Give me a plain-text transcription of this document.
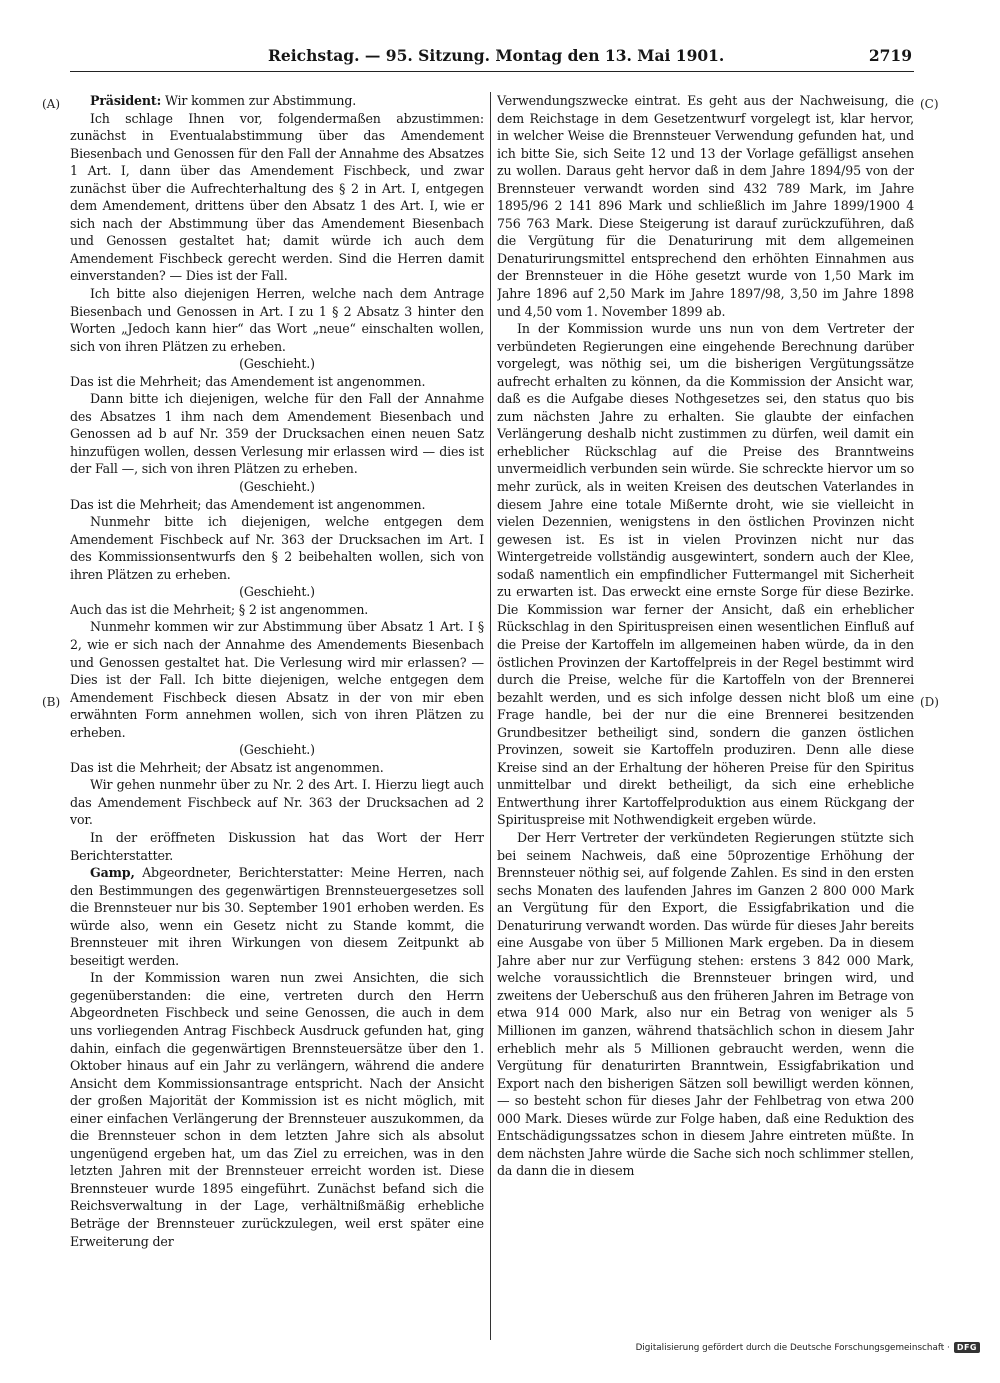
Reichstag. — 95. Sitzung. Montag den 13. Mai 1901.	2719
(A)
(B)
(C)
(D)

Präsident: Wir kommen zur Abstimmung.

Ich schlage Ihnen vor, folgendermaßen abzustimmen: zunächst in Eventualabstimmung über das Amendement Biesenbach und Genossen für den Fall der Annahme des Absatzes 1 Art. I, dann über das Amendement Fischbeck, und zwar zunächst über die Aufrechterhaltung des § 2 in Art. I, entgegen dem Amendement, drittens über den Absatz 1 des Art. I, wie er sich nach der Abstimmung über das Amendement Biesenbach und Genossen gestaltet hat; damit würde ich auch dem Amendement Fischbeck gerecht werden. Sind die Herren damit einverstanden? — Dies ist der Fall.

Ich bitte also diejenigen Herren, welche nach dem Antrage Biesenbach und Genossen in Art. I zu 1 § 2 Absatz 3 hinter den Worten „Jedoch kann hier“ das Wort „neue“ einschalten wollen, sich von ihren Plätzen zu erheben.

(Geschieht.)

Das ist die Mehrheit; das Amendement ist angenommen.

Dann bitte ich diejenigen, welche für den Fall der Annahme des Absatzes 1 ihm nach dem Amendement Biesenbach und Genossen ad b auf Nr. 359 der Drucksachen einen neuen Satz hinzufügen wollen, dessen Verlesung mir erlassen wird — dies ist der Fall —, sich von ihren Plätzen zu erheben.

(Geschieht.)

Das ist die Mehrheit; das Amendement ist angenommen.

Nunmehr bitte ich diejenigen, welche entgegen dem Amendement Fischbeck auf Nr. 363 der Drucksachen im Art. I des Kommissionsentwurfs den § 2 beibehalten wollen, sich von ihren Plätzen zu erheben.

(Geschieht.)

Auch das ist die Mehrheit; § 2 ist angenommen.

Nunmehr kommen wir zur Abstimmung über Absatz 1 Art. I § 2, wie er sich nach der Annahme des Amendements Biesenbach und Genossen gestaltet hat. Die Verlesung wird mir erlassen? — Dies ist der Fall. Ich bitte diejenigen, welche entgegen dem Amendement Fischbeck diesen Absatz in der von mir eben erwähnten Form annehmen wollen, sich von ihren Plätzen zu erheben.

(Geschieht.)

Das ist die Mehrheit; der Absatz ist angenommen.

Wir gehen nunmehr über zu Nr. 2 des Art. I. Hierzu liegt auch das Amendement Fischbeck auf Nr. 363 der Drucksachen ad 2 vor.

In der eröffneten Diskussion hat das Wort der Herr Berichterstatter.

Gamp, Abgeordneter, Berichterstatter: Meine Herren, nach den Bestimmungen des gegenwärtigen Brennsteuergesetzes soll die Brennsteuer nur bis 30. September 1901 erhoben werden. Es würde also, wenn ein Gesetz nicht zu Stande kommt, die Brennsteuer mit ihren Wirkungen von diesem Zeitpunkt ab beseitigt werden.

In der Kommission waren nun zwei Ansichten, die sich gegenüberstanden: die eine, vertreten durch den Herrn Abgeordneten Fischbeck und seine Genossen, die auch in dem uns vorliegenden Antrag Fischbeck Ausdruck gefunden hat, ging dahin, einfach die gegenwärtigen Brennsteuersätze über den 1. Oktober hinaus auf ein Jahr zu verlängern, während die andere Ansicht dem Kommissionsantrage entspricht. Nach der Ansicht der großen Majorität der Kommission ist es nicht möglich, mit einer einfachen Verlängerung der Brennsteuer auszukommen, da die Brennsteuer schon in dem letzten Jahre sich als absolut ungenügend ergeben hat, um das Ziel zu erreichen, was in den letzten Jahren mit der Brennsteuer erreicht worden ist. Diese Brennsteuer wurde 1895 eingeführt. Zunächst befand sich die Reichsverwaltung in der Lage, verhältnißmäßig erhebliche Beträge der Brennsteuer zurückzulegen, weil erst später eine Erweiterung der

Verwendungszwecke eintrat. Es geht aus der Nachweisung, die dem Reichstage in dem Gesetzentwurf vorgelegt ist, klar hervor, in welcher Weise die Brennsteuer Verwendung gefunden hat, und ich bitte Sie, sich Seite 12 und 13 der Vorlage gefälligst ansehen zu wollen. Daraus geht hervor daß in dem Jahre 1894/95 von der Brennsteuer verwandt worden sind 432 789 Mark, im Jahre 1895/96 2 141 896 Mark und schließlich im Jahre 1899/1900 4 756 763 Mark. Diese Steigerung ist darauf zurückzuführen, daß die Vergütung für die Denaturirung mit dem allgemeinen Denaturirungsmittel entsprechend den erhöhten Einnahmen aus der Brennsteuer in die Höhe gesetzt wurde von 1,50 Mark im Jahre 1896 auf 2,50 Mark im Jahre 1897/98, 3,50 im Jahre 1898 und 4,50 vom 1. November 1899 ab.

In der Kommission wurde uns nun von dem Vertreter der verbündeten Regierungen eine eingehende Berechnung darüber vorgelegt, was nöthig sei, um die bisherigen Vergütungssätze aufrecht erhalten zu können, da die Kommission der Ansicht war, daß es die Aufgabe dieses Nothgesetzes sei, den status quo bis zum nächsten Jahre zu erhalten. Sie glaubte der einfachen Verlängerung deshalb nicht zustimmen zu dürfen, weil damit ein erheblicher Rückschlag auf die Preise des Branntweins unvermeidlich verbunden sein würde. Sie schreckte hiervor um so mehr zurück, als in weiten Kreisen des deutschen Vaterlandes in diesem Jahre eine totale Mißernte droht, wie sie vielleicht in vielen Dezennien, wenigstens in den östlichen Provinzen nicht gewesen ist. Es ist in vielen Provinzen nicht nur das Wintergetreide vollständig ausgewintert, sondern auch der Klee, sodaß namentlich ein empfindlicher Futtermangel mit Sicherheit zu erwarten ist. Das erweckt eine ernste Sorge für diese Bezirke. Die Kommission war ferner der Ansicht, daß ein erheblicher Rückschlag in den Spirituspreisen einen wesentlichen Einfluß auf die Preise der Kartoffeln im allgemeinen haben würde, da in den östlichen Provinzen der Kartoffelpreis in der Regel bestimmt wird durch die Preise, welche für die Kartoffeln von der Brennerei bezahlt werden, und es sich infolge dessen nicht bloß um eine Frage handle, bei der nur die eine Brennerei besitzenden Grundbesitzer betheiligt sind, sondern die ganzen östlichen Provinzen, soweit sie Kartoffeln produziren. Denn alle diese Kreise sind an der Erhaltung der höheren Preise für den Spiritus unmittelbar und direkt betheiligt, da sich eine erhebliche Entwerthung ihrer Kartoffelproduktion aus einem Rückgang der Spirituspreise mit Nothwendigkeit ergeben würde.

Der Herr Vertreter der verkündeten Regierungen stützte sich bei seinem Nachweis, daß eine 50prozentige Erhöhung der Brennsteuer nöthig sei, auf folgende Zahlen. Es sind in den ersten sechs Monaten des laufenden Jahres im Ganzen 2 800 000 Mark an Vergütung für den Export, die Essigfabrikation und die Denaturirung verwandt worden. Das würde für dieses Jahr bereits eine Ausgabe von über 5 Millionen Mark ergeben. Da in diesem Jahre aber nur zur Verfügung stehen: erstens 3 842 000 Mark, welche voraussichtlich die Brennsteuer bringen wird, und zweitens der Ueberschuß aus den früheren Jahren im Betrage von etwa 914 000 Mark, also nur ein Betrag von weniger als 5 Millionen im ganzen, während thatsächlich schon in diesem Jahr erheblich mehr als 5 Millionen gebraucht werden, wenn die Vergütung für denaturirten Branntwein, Essigfabrikation und Export nach den bisherigen Sätzen soll bewilligt werden können, — so besteht schon für dieses Jahr der Fehlbetrag von etwa 200 000 Mark. Dieses würde zur Folge haben, daß eine Reduktion des Entschädigungssatzes schon in diesem Jahre eintreten müßte. In dem nächsten Jahre würde die Sache sich noch schlimmer stellen, da dann die in diesem

Digitalisierung gefördert durch die Deutsche Forschungsgemeinschaft · DFG
